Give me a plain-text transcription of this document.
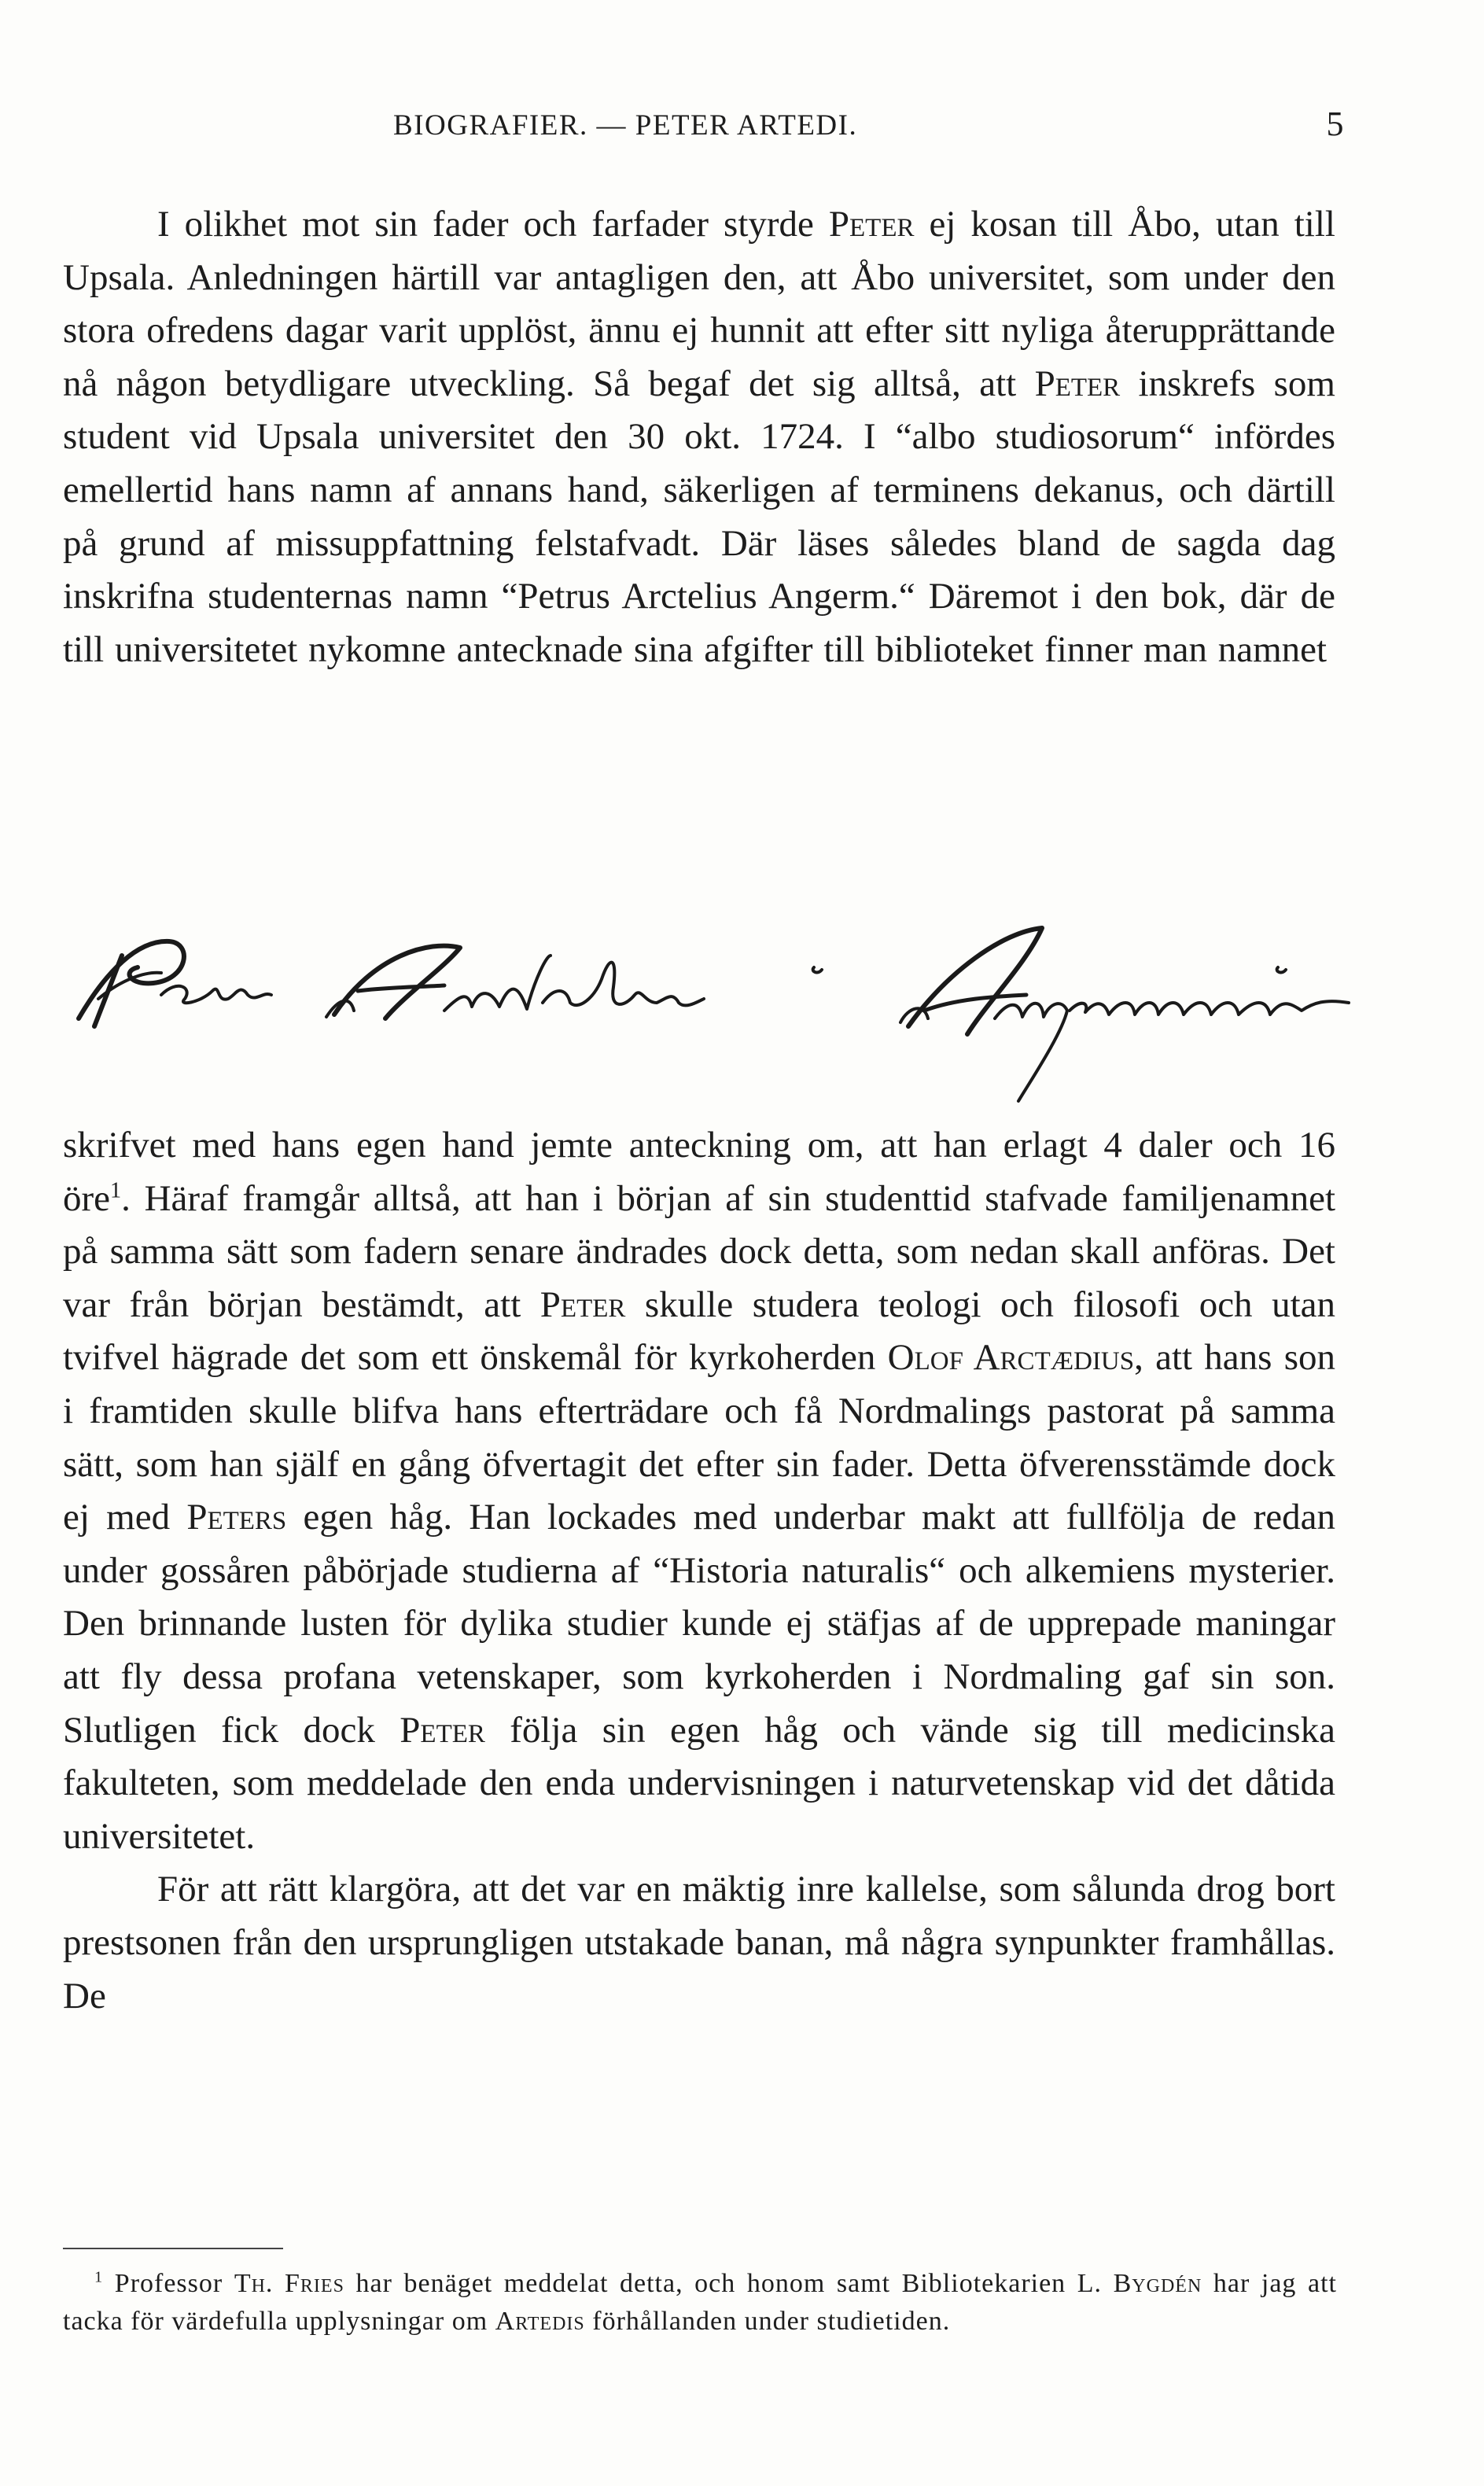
BIOGRAFIER. — PETER ARTEDI.	5

I olikhet mot sin fader och farfader styrde Peter ej kosan till Åbo, utan till Upsala. Anledningen härtill var antagligen den, att Åbo universitet, som under den stora ofredens dagar varit upplöst, ännu ej hunnit att efter sitt nyliga återupprättande nå någon betydligare utveckling. Så begaf det sig alltså, att Peter inskrefs som student vid Upsala universitet den 30 okt. 1724. I “albo studiosorum“ infördes emellertid hans namn af annans hand, säkerligen af terminens dekanus, och därtill på grund af missuppfattning felstafvadt. Där läses således bland de sagda dag inskrifna studenternas namn “Petrus Arctelius Angerm.“ Däremot i den bok, där de till universitetet nykomne antecknade sina afgifter till biblioteket finner man namnet

skrifvet med hans egen hand jemte anteckning om, att han erlagt 4 daler och 16 öre$^1$. Häraf framgår alltså, att han i början af sin studenttid stafvade familjenamnet på samma sätt som fadern senare ändrades dock detta, som nedan skall anföras. Det var från början bestämdt, att Peter skulle studera teologi och filosofi och utan tvifvel hägrade det som ett önskemål för kyrkoherden Olof Arctædius, att hans son i framtiden skulle blifva hans efterträdare och få Nordmalings pastorat på samma sätt, som han själf en gång öfvertagit det efter sin fader. Detta öfverensstämde dock ej med Peters egen håg. Han lockades med underbar makt att fullfölja de redan under gossåren påbörjade studierna af “Historia naturalis“ och alkemiens mysterier. Den brinnande lusten för dylika studier kunde ej stäfjas af de upprepade maningar att fly dessa profana vetenskaper, som kyrkoherden i Nordmaling gaf sin son. Slutligen fick dock Peter följa sin egen håg och vände sig till medicinska fakulteten, som meddelade den enda undervisningen i naturvetenskap vid det dåtida universitetet.

För att rätt klargöra, att det var en mäktig inre kallelse, som sålunda drog bort prestsonen från den ursprungligen utstakade banan, må några synpunkter framhållas. De

$^1$ Professor Th. Fries har benäget meddelat detta, och honom samt Bibliotekarien L. Bygdén har jag att tacka för värdefulla upplysningar om Artedis förhållanden under studietiden.
